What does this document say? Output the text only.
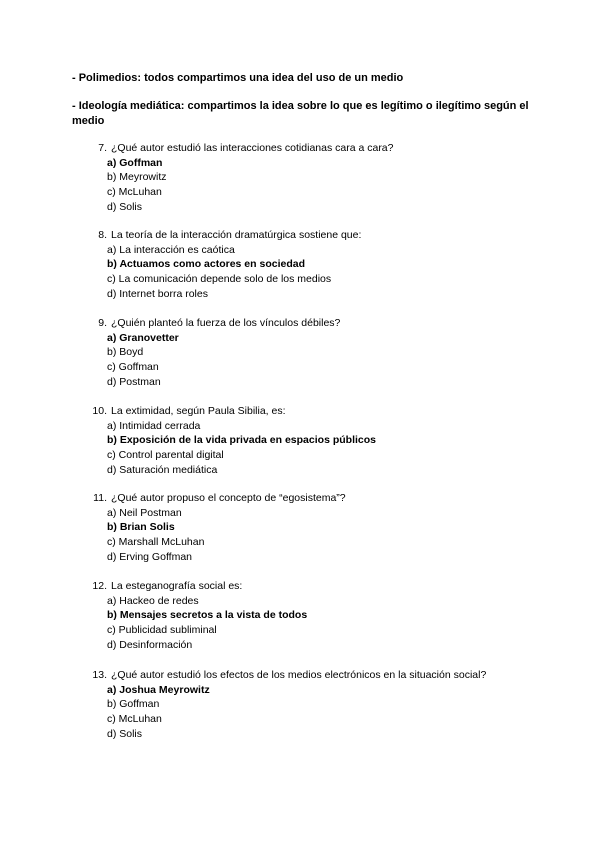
- Polimedios: todos compartimos una idea del uso de un medio
- Ideología mediática: compartimos la idea sobre lo que es legítimo o ilegítimo según el medio
7. ¿Qué autor estudió las interacciones cotidianas cara a cara?
a) Goffman
b) Meyrowitz
c) McLuhan
d) Solis
8. La teoría de la interacción dramatúrgica sostiene que:
a) La interacción es caótica
b) Actuamos como actores en sociedad
c) La comunicación depende solo de los medios
d) Internet borra roles
9. ¿Quién planteó la fuerza de los vínculos débiles?
a) Granovetter
b) Boyd
c) Goffman
d) Postman
10. La extimidad, según Paula Sibilia, es:
a) Intimidad cerrada
b) Exposición de la vida privada en espacios públicos
c) Control parental digital
d) Saturación mediática
11. ¿Qué autor propuso el concepto de “egosistema”?
a) Neil Postman
b) Brian Solis
c) Marshall McLuhan
d) Erving Goffman
12. La esteganografía social es:
a) Hackeo de redes
b) Mensajes secretos a la vista de todos
c) Publicidad subliminal
d) Desinformación
13. ¿Qué autor estudió los efectos de los medios electrónicos en la situación social?
a) Joshua Meyrowitz
b) Goffman
c) McLuhan
d) Solis
